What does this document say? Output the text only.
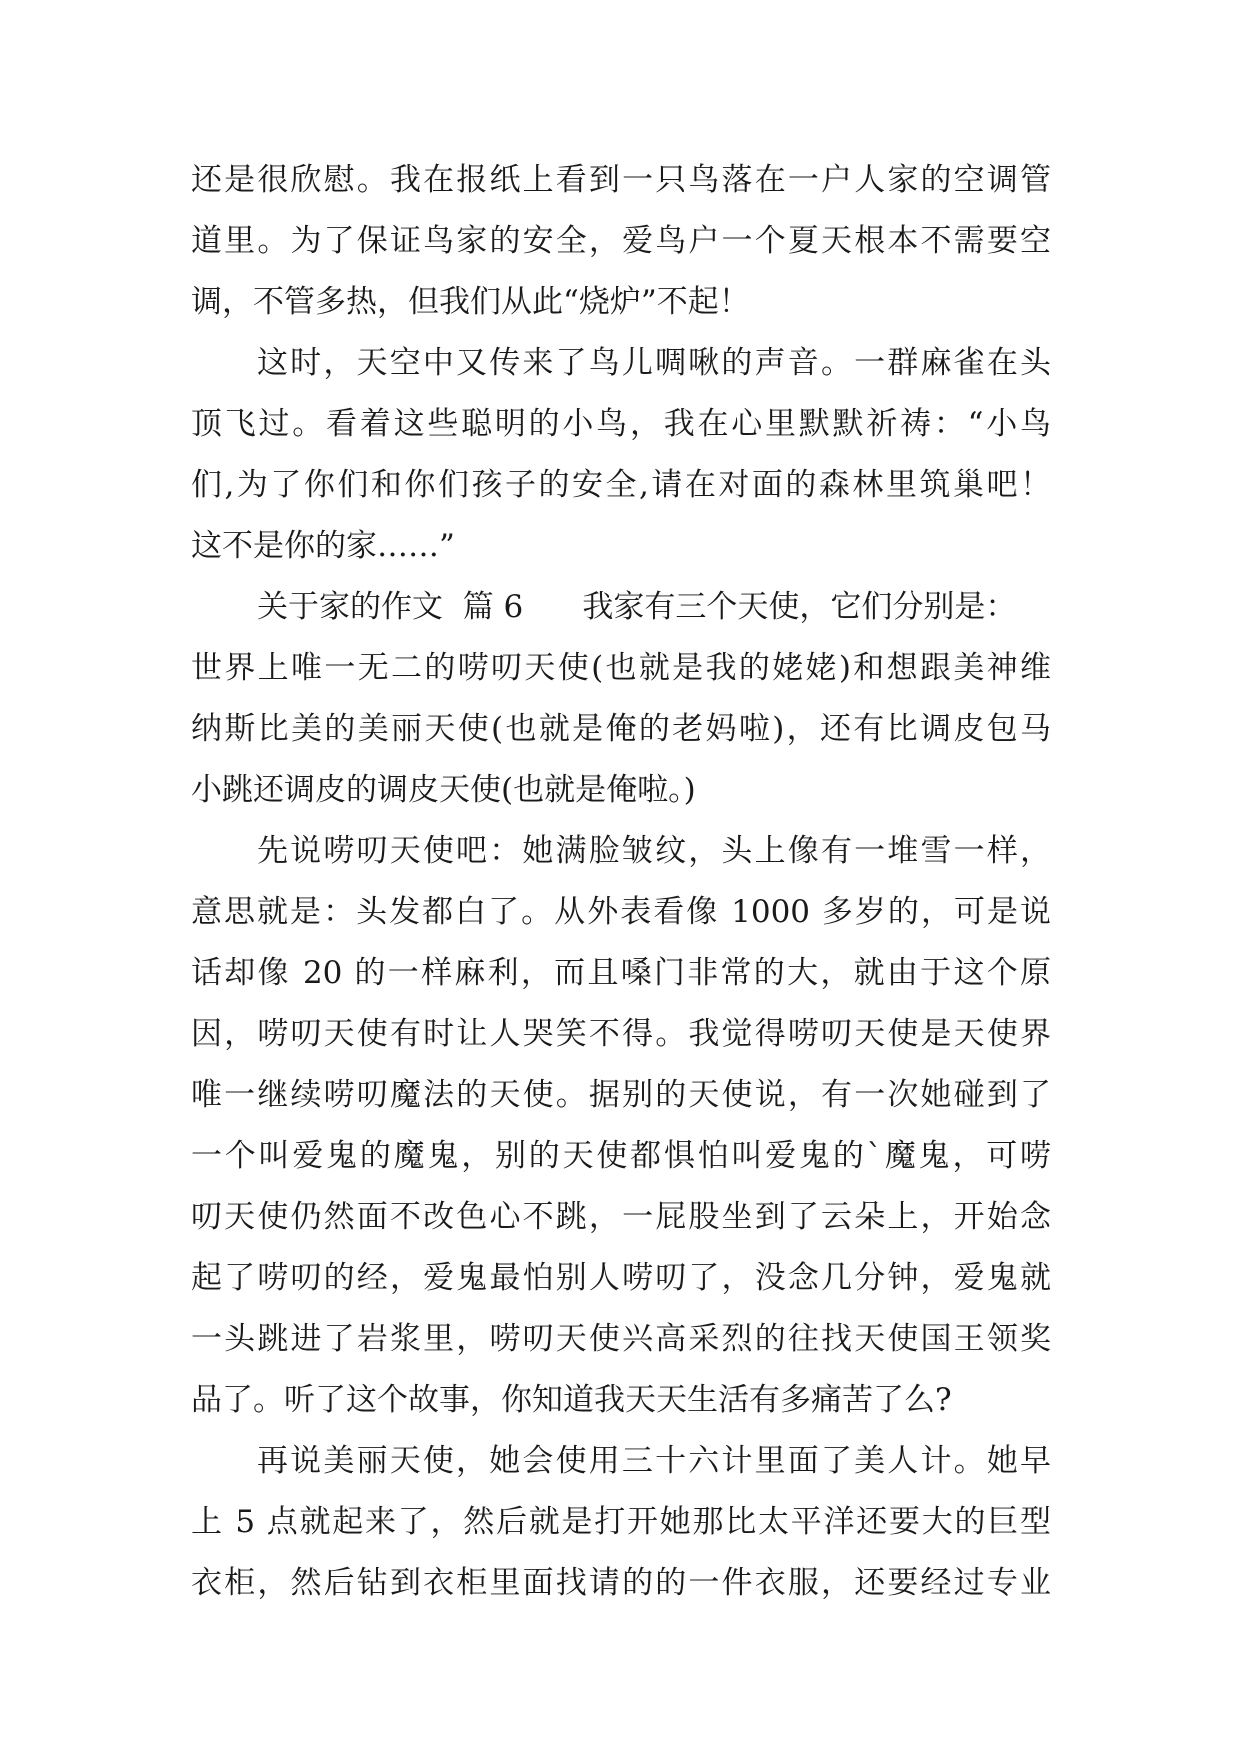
还是很欣慰。我在报纸上看到一只鸟落在一户人家的空调管
道里。为了保证鸟家的安全，爱鸟户一个夏天根本不需要空
调，不管多热，但我们从此“烧炉”不起！
这时，天空中又传来了鸟儿啁啾的声音。一群麻雀在头
顶飞过。看着这些聪明的小鸟，我在心里默默祈祷：“小鸟
们,为了你们和你们孩子的安全,请在对面的森林里筑巢吧！
这不是你的家……”
关于家的作文  篇 6      我家有三个天使，它们分别是：
世界上唯一无二的唠叨天使(也就是我的姥姥)和想跟美神维
纳斯比美的美丽天使(也就是俺的老妈啦)，还有比调皮包马
小跳还调皮的调皮天使(也就是俺啦。)
先说唠叨天使吧：她满脸皱纹，头上像有一堆雪一样，
意思就是：头发都白了。从外表看像 1000 多岁的，可是说
话却像 20 的一样麻利，而且嗓门非常的大，就由于这个原
因，唠叨天使有时让人哭笑不得。我觉得唠叨天使是天使界
唯一继续唠叨魔法的天使。据别的天使说，有一次她碰到了
一个叫爱鬼的魔鬼，别的天使都惧怕叫爱鬼的`魔鬼，可唠
叨天使仍然面不改色心不跳，一屁股坐到了云朵上，开始念
起了唠叨的经，爱鬼最怕别人唠叨了，没念几分钟，爱鬼就
一头跳进了岩浆里，唠叨天使兴高采烈的往找天使国王领奖
品了。听了这个故事，你知道我天天生活有多痛苦了么?
再说美丽天使，她会使用三十六计里面了美人计。她早
上 5 点就起来了，然后就是打开她那比太平洋还要大的巨型
衣柜，然后钻到衣柜里面找请的的一件衣服，还要经过专业
